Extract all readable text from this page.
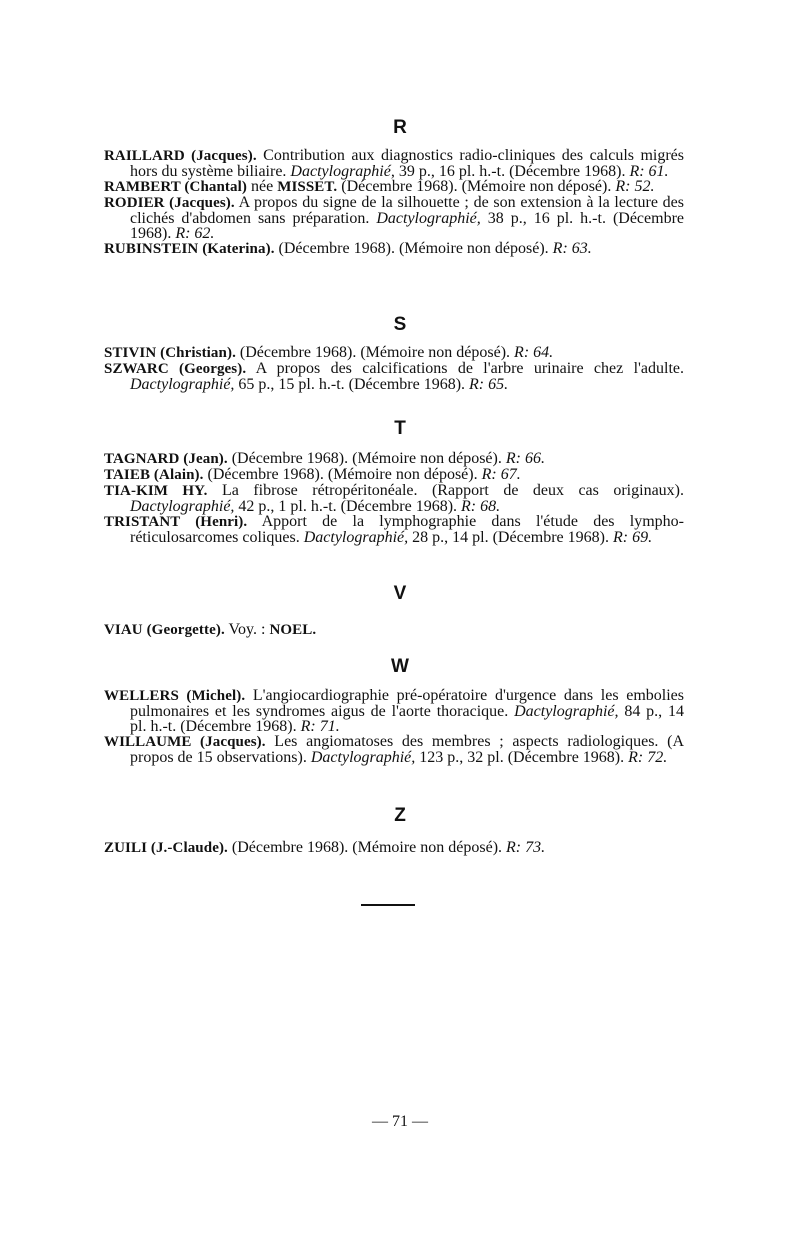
R

RAILLARD (Jacques). Contribution aux diagnostics radio-cliniques des calculs migrés hors du système biliaire. Dactylographié, 39 p., 16 pl. h.-t. (Décembre 1968). R: 61.

RAMBERT (Chantal) née MISSET. (Décembre 1968). (Mémoire non déposé). R: 52.

RODIER (Jacques). A propos du signe de la silhouette ; de son extension à la lecture des clichés d'abdomen sans préparation. Dactylographié, 38 p., 16 pl. h.-t. (Décembre 1968). R: 62.

RUBINSTEIN (Katerina). (Décembre 1968). (Mémoire non déposé). R: 63.

S

STIVIN (Christian). (Décembre 1968). (Mémoire non déposé). R: 64.

SZWARC (Georges). A propos des calcifications de l'arbre urinaire chez l'adulte. Dactylographié, 65 p., 15 pl. h.-t. (Décembre 1968). R: 65.

T

TAGNARD (Jean). (Décembre 1968). (Mémoire non déposé). R: 66.

TAIEB (Alain). (Décembre 1968). (Mémoire non déposé). R: 67.

TIA-KIM HY. La fibrose rétropéritonéale. (Rapport de deux cas originaux). Dactylographié, 42 p., 1 pl. h.-t. (Décembre 1968). R: 68.

TRISTANT (Henri). Apport de la lymphographie dans l'étude des lympho-réticulosarcomes coliques. Dactylographié, 28 p., 14 pl. (Décembre 1968). R: 69.

V

VIAU (Georgette). Voy. : NOEL.

W

WELLERS (Michel). L'angiocardiographie pré-opératoire d'urgence dans les embolies pulmonaires et les syndromes aigus de l'aorte thoracique. Dactylographié, 84 p., 14 pl. h.-t. (Décembre 1968). R: 71.

WILLAUME (Jacques). Les angiomatoses des membres ; aspects radiologiques. (A propos de 15 observations). Dactylographié, 123 p., 32 pl. (Décembre 1968). R: 72.

Z

ZUILI (J.-Claude). (Décembre 1968). (Mémoire non déposé). R: 73.

— 71 —
